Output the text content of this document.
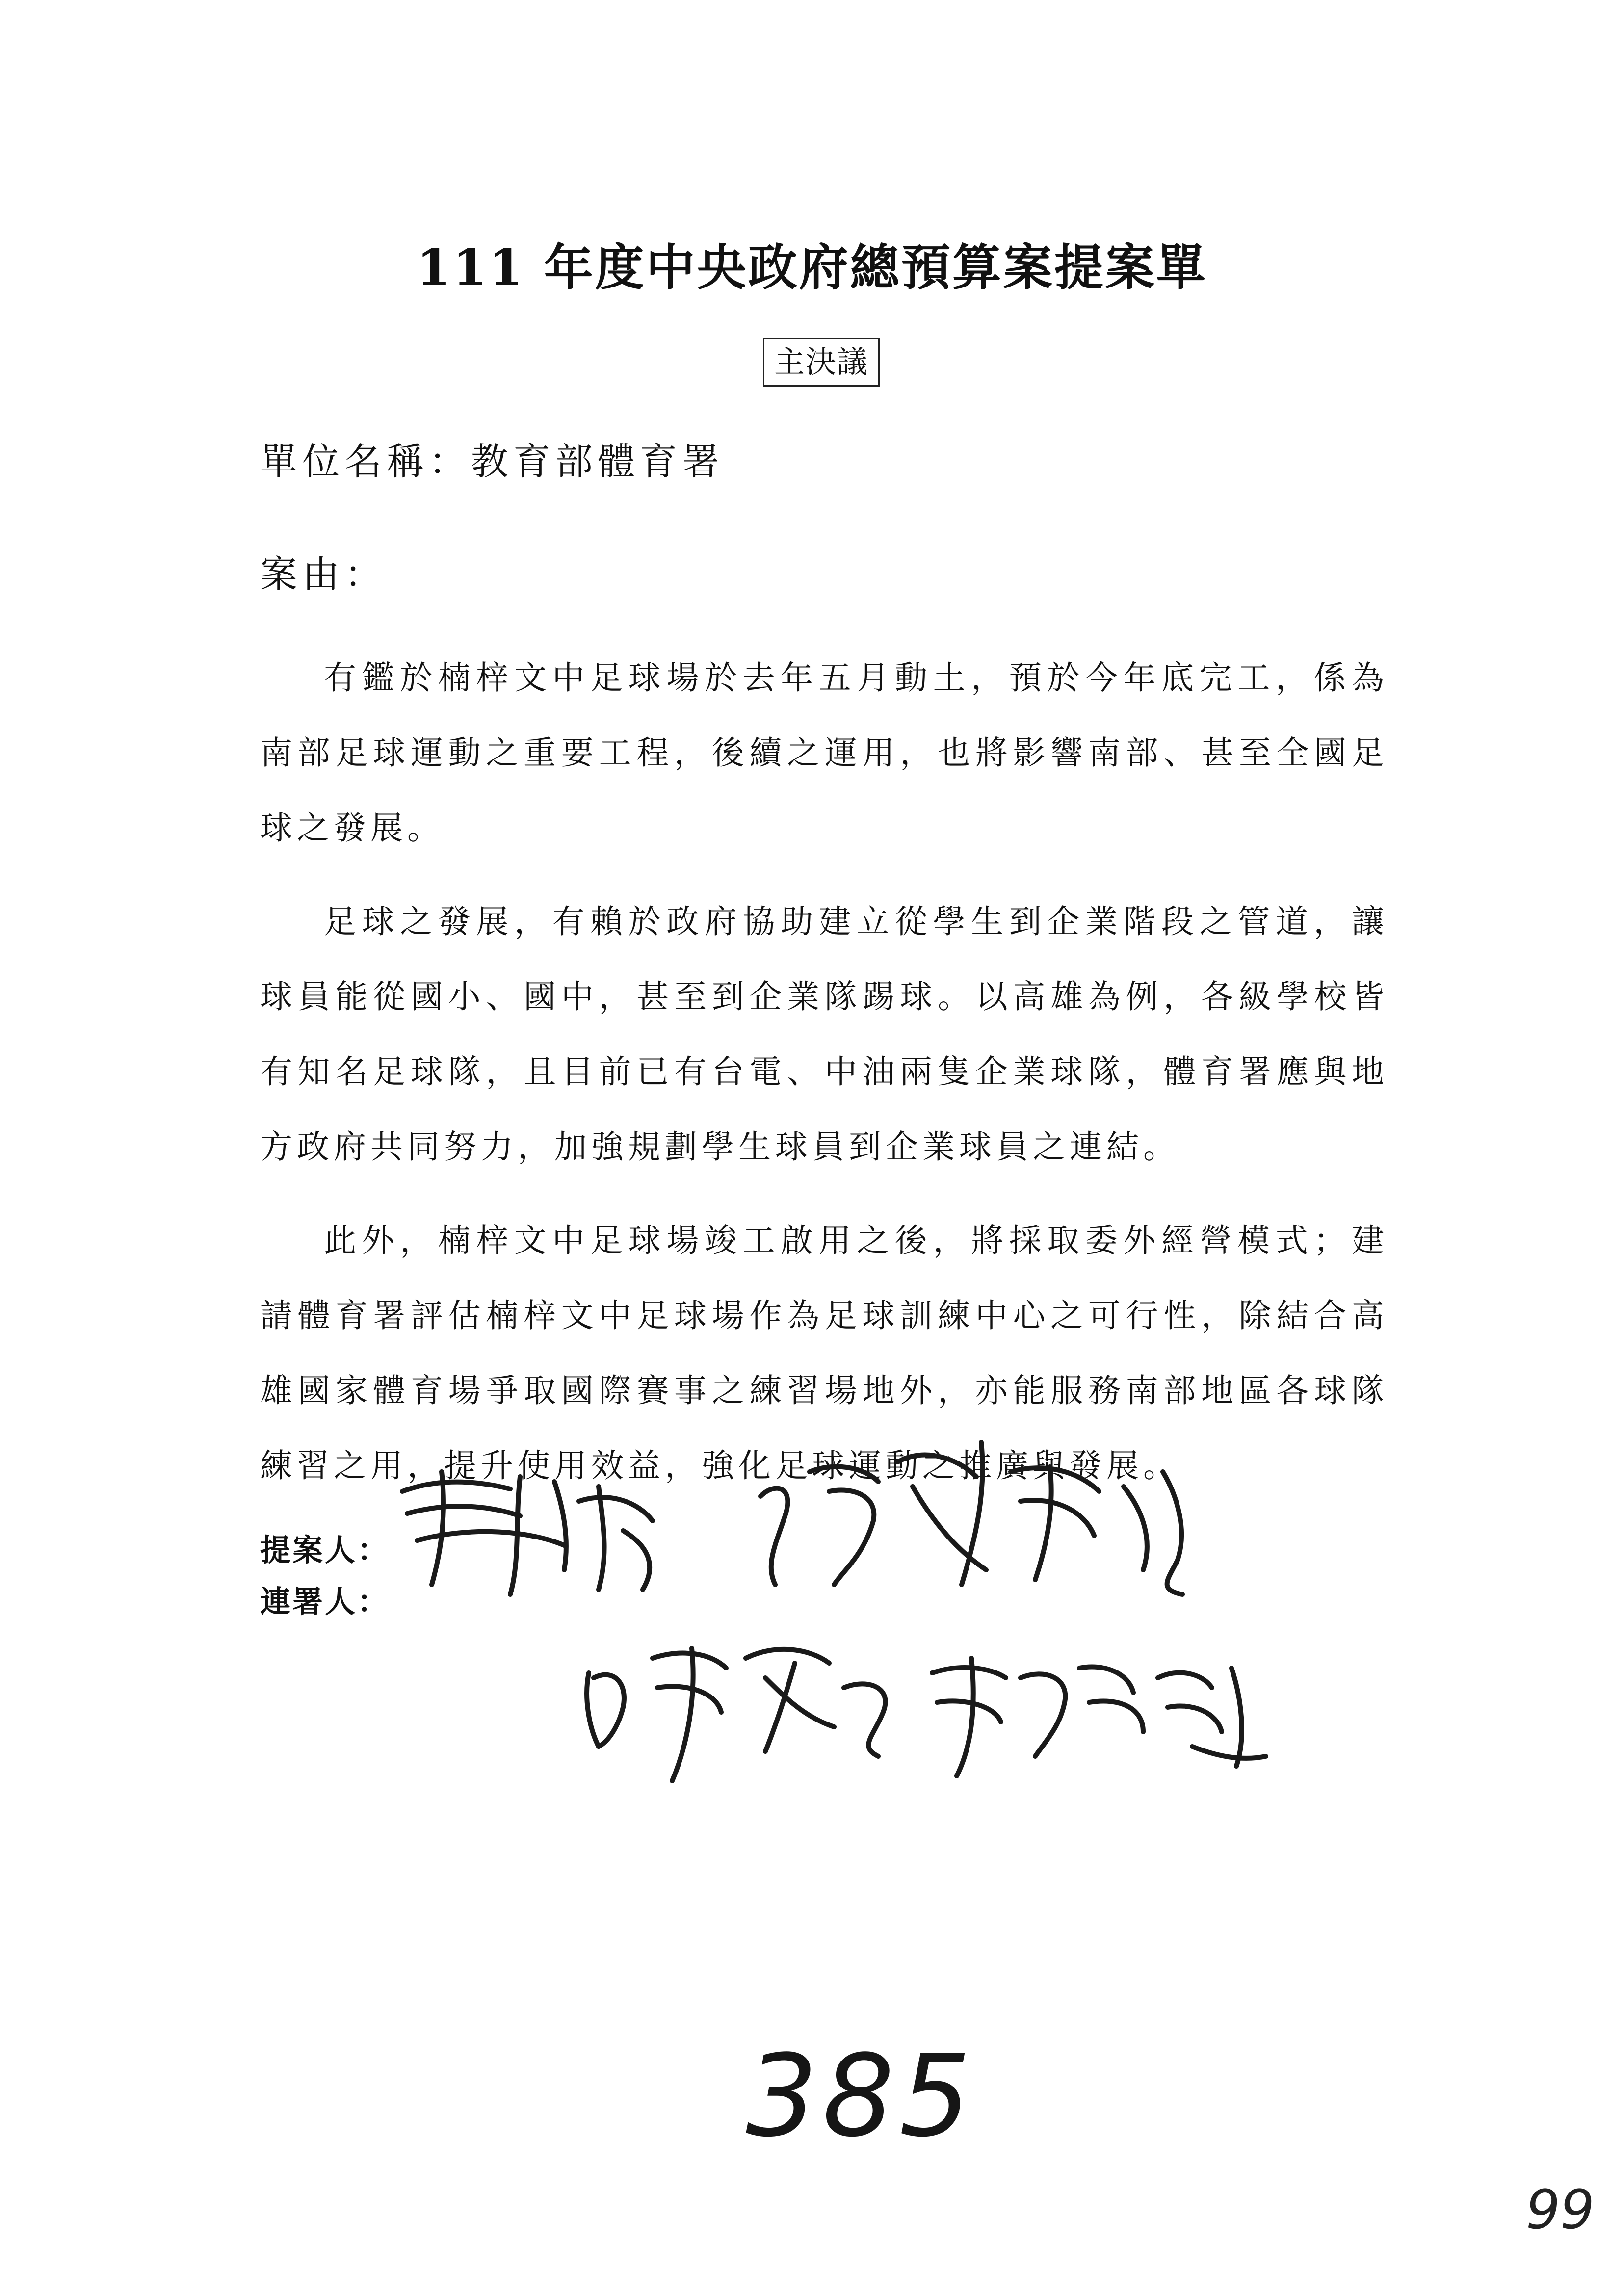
111 年度中央政府總預算案提案單
主決議
單位名稱：教育部體育署
案由：

有鑑於楠梓文中足球場於去年五月動土，預於今年底完工，係為南部足球運動之重要工程，後續之運用，也將影響南部、甚至全國足球之發展。

足球之發展，有賴於政府協助建立從學生到企業階段之管道，讓球員能從國小、國中，甚至到企業隊踢球。以高雄為例，各級學校皆有知名足球隊，且目前已有台電、中油兩隻企業球隊，體育署應與地方政府共同努力，加強規劃學生球員到企業球員之連結。

此外，楠梓文中足球場竣工啟用之後，將採取委外經營模式；建請體育署評估楠梓文中足球場作為足球訓練中心之可行性，除結合高雄國家體育場爭取國際賽事之練習場地外，亦能服務南部地區各球隊練習之用，提升使用效益，強化足球運動之推廣與發展。

提案人：
連署人：
385
99
